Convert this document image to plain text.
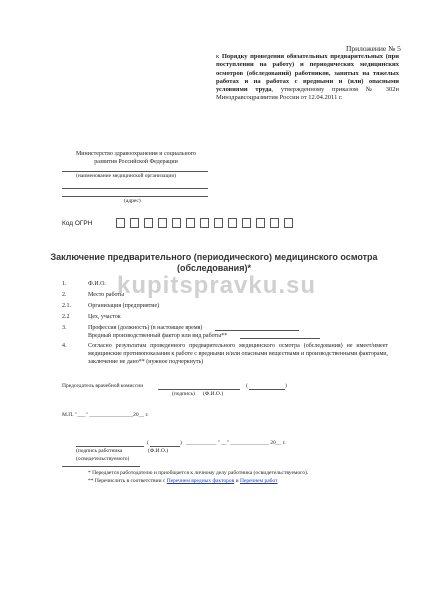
Приложение № 5
к Порядку проведения обязательных предварительных (при поступлении на работу) и периодических медицинских осмотров (обследований) работников, занятых на тяжелых работах и на работах с вредными и (или) опасными условиями труда, утвержденному приказом № 302н Минздравсоцразвития России от 12.04.2011 г.
Министерство здравоохранения и социального
развития Российской Федерации
(наименование медицинской организации)
(адрес)
Код ОГРН
Заключение предварительного (периодического) медицинского осмотра
(обследования)*
1.	Ф.И.О.
2.	Место работы
2.1.	Организация (предприятие)
2.2	Цех, участок
3.	Профессия (должность) (в настоящее время)
Вредный производственный фактор или вид работы**
4.	Согласно результатам проведенного предварительного медицинского осмотра (обследования) не имеет/имеет медицинские противопоказания к работе с вредными и/или опасными веществами и производственными факторами, заключение не дано** (нужное подчеркнуть)
kupitspravku.su
Председатель врачебной комиссии	(	)
(подпись) (Ф.И.О.)
М.П. "___" ________________20__ г.
(	) ___________ " __" ______________ 20__ г.
(подпись работника	(Ф.И.О.)
(освидетельствуемого)
* Передается работодателю и приобщается к личному делу работника (освидетельствуемого).
** Перечислить в соответствии с Перечнем вредных факторов и Перечнем работ
